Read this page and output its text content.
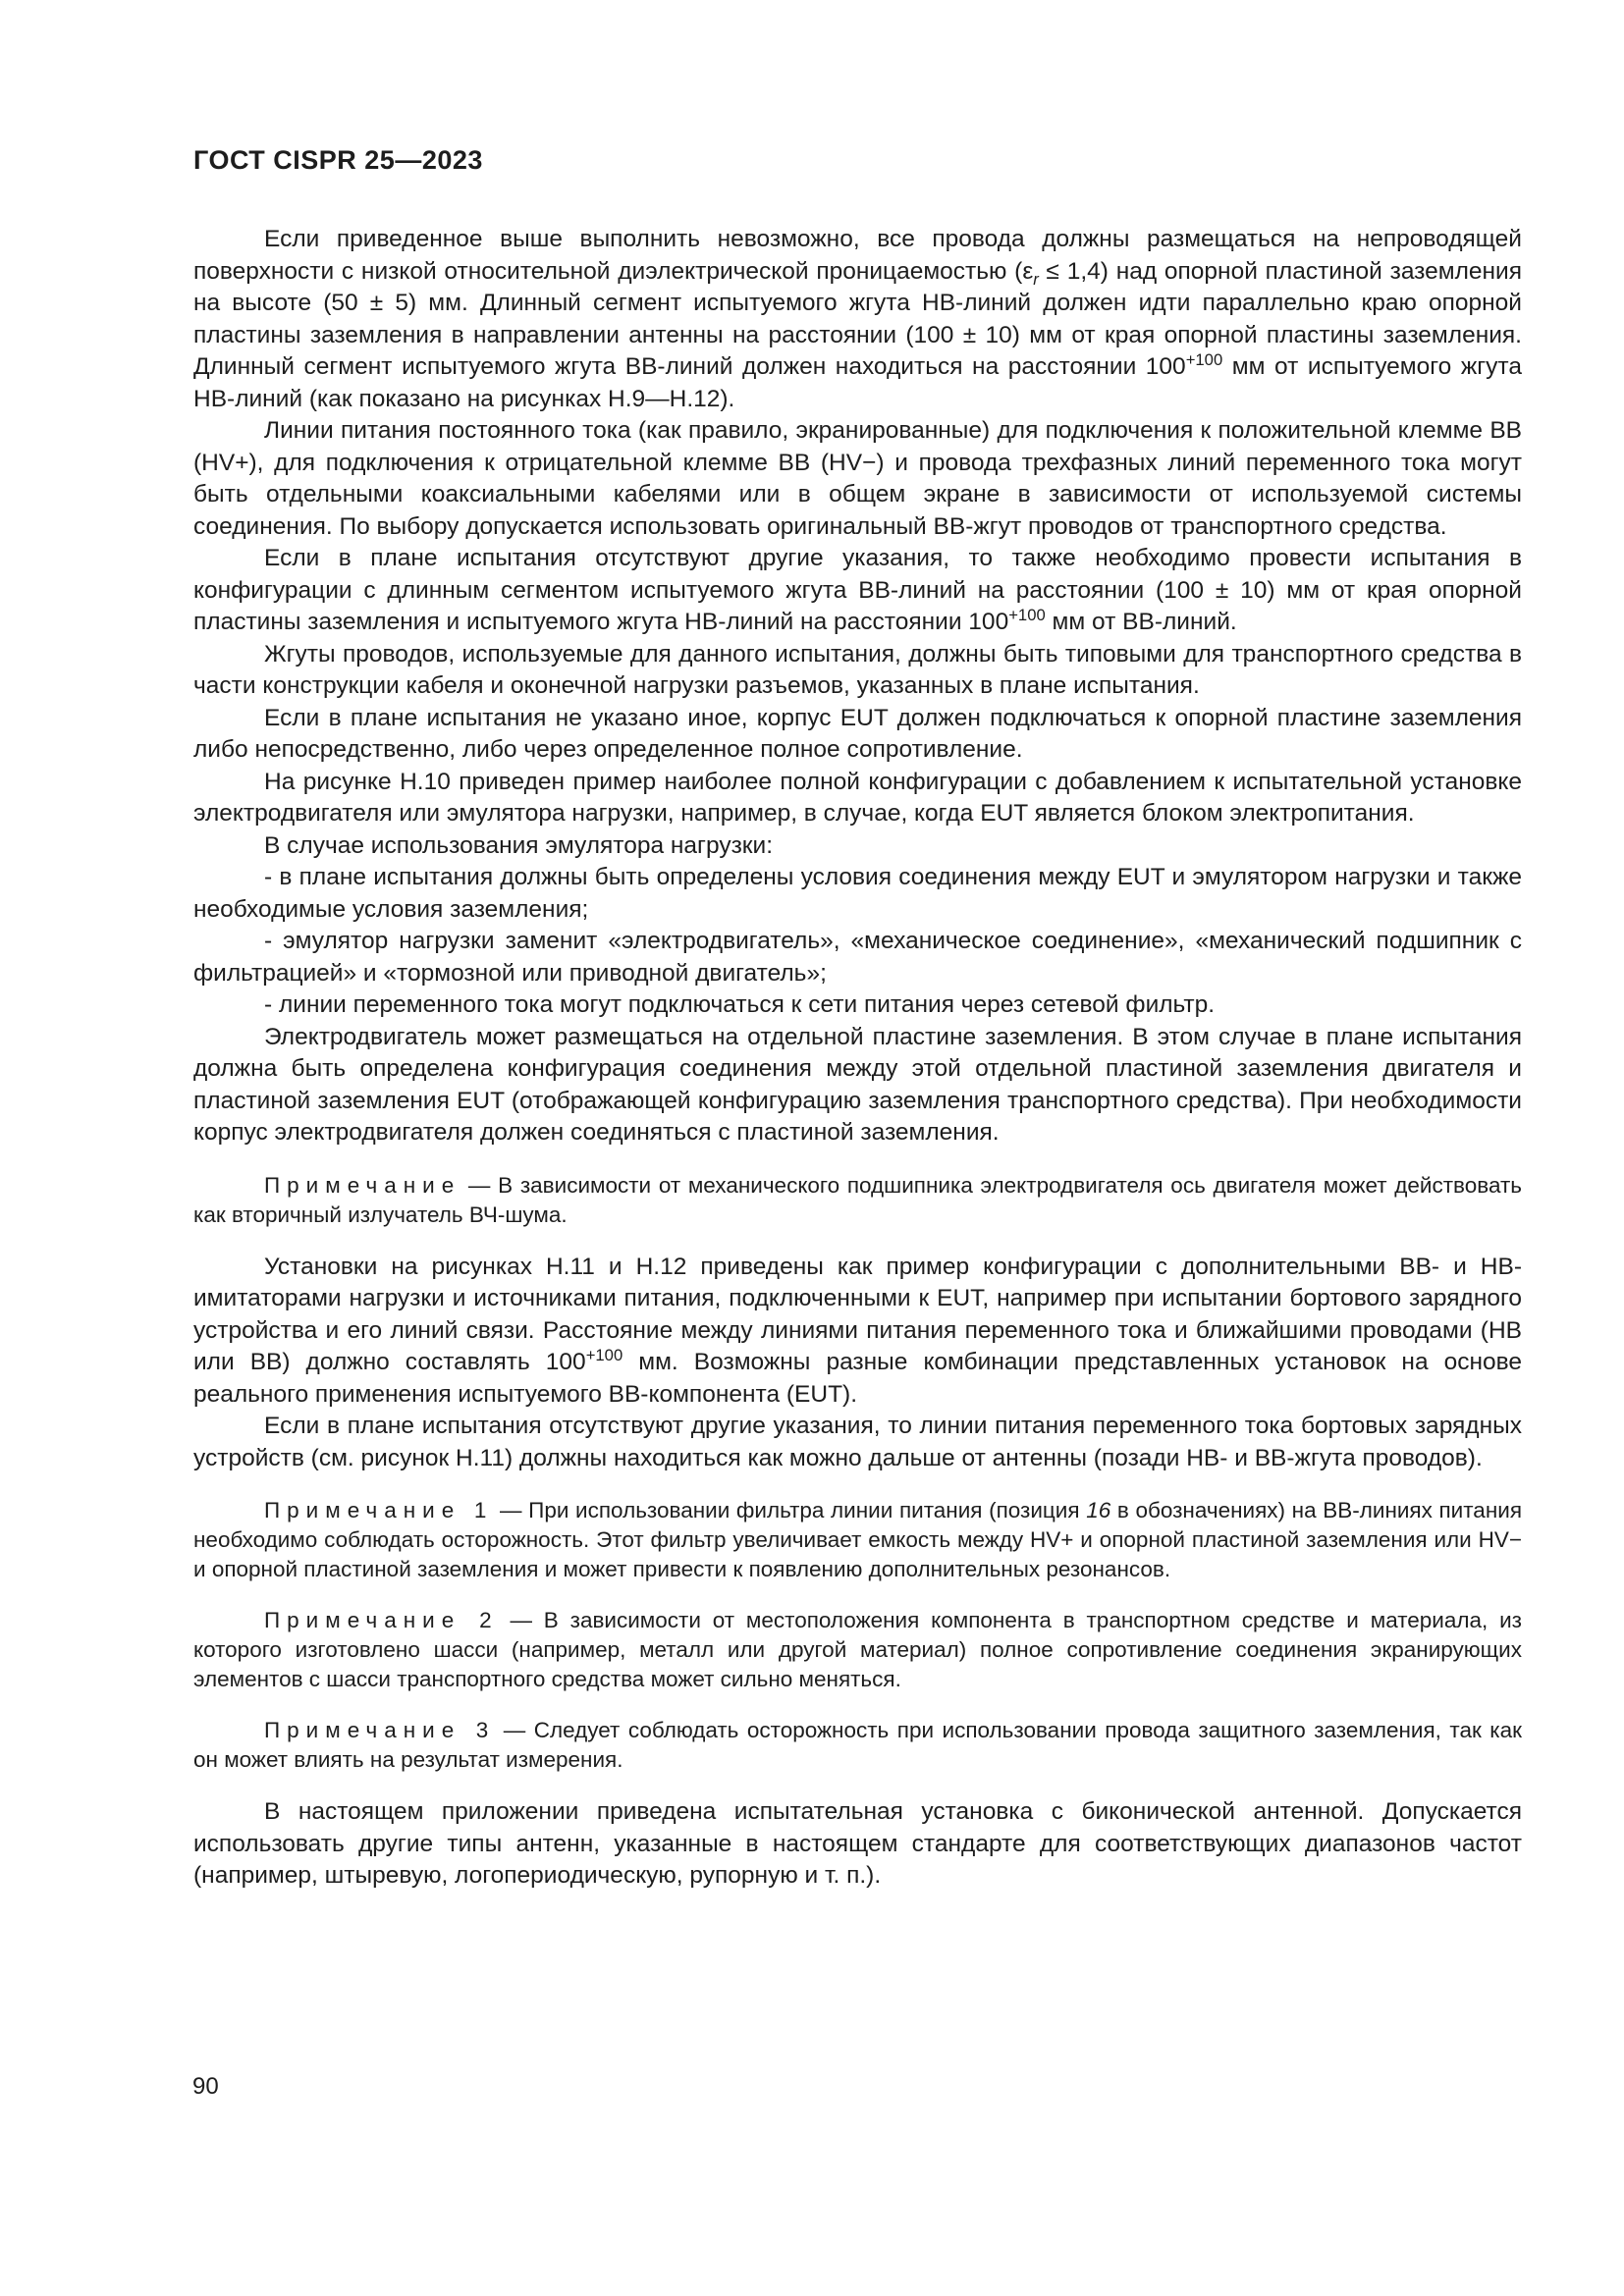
ГОСТ CISPR 25—2023

Если приведенное выше выполнить невозможно, все провода должны размещаться на непроводящей поверхности с низкой относительной диэлектрической проницаемостью $(\varepsilon_r \le 1,4)$ над опорной пластиной заземления на высоте (50 ± 5) мм. Длинный сегмент испытуемого жгута НВ-линий должен идти параллельно краю опорной пластины заземления в направлении антенны на расстоянии (100 ± 10) мм от края опорной пластины заземления. Длинный сегмент испытуемого жгута ВВ-линий должен находиться на расстоянии $100^{+100}$ мм от испытуемого жгута НВ-линий (как показано на рисунках Н.9—Н.12).

Линии питания постоянного тока (как правило, экранированные) для подключения к положительной клемме ВВ (HV+), для подключения к отрицательной клемме ВВ (HV−) и провода трехфазных линий переменного тока могут быть отдельными коаксиальными кабелями или в общем экране в зависимости от используемой системы соединения. По выбору допускается использовать оригинальный ВВ-жгут проводов от транспортного средства.

Если в плане испытания отсутствуют другие указания, то также необходимо провести испытания в конфигурации с длинным сегментом испытуемого жгута ВВ-линий на расстоянии (100 ± 10) мм от края опорной пластины заземления и испытуемого жгута НВ-линий на расстоянии $100^{+100}$ мм от ВВ-линий.

Жгуты проводов, используемые для данного испытания, должны быть типовыми для транспортного средства в части конструкции кабеля и оконечной нагрузки разъемов, указанных в плане испытания.

Если в плане испытания не указано иное, корпус EUT должен подключаться к опорной пластине заземления либо непосредственно, либо через определенное полное сопротивление.

На рисунке Н.10 приведен пример наиболее полной конфигурации с добавлением к испытательной установке электродвигателя или эмулятора нагрузки, например, в случае, когда EUT является блоком электропитания.

В случае использования эмулятора нагрузки:

- в плане испытания должны быть определены условия соединения между EUT и эмулятором нагрузки и также необходимые условия заземления;

- эмулятор нагрузки заменит «электродвигатель», «механическое соединение», «механический подшипник с фильтрацией» и «тормозной или приводной двигатель»;

- линии переменного тока могут подключаться к сети питания через сетевой фильтр.

Электродвигатель может размещаться на отдельной пластине заземления. В этом случае в плане испытания должна быть определена конфигурация соединения между этой отдельной пластиной заземления двигателя и пластиной заземления EUT (отображающей конфигурацию заземления транспортного средства). При необходимости корпус электродвигателя должен соединяться с пластиной заземления.

Примечание — В зависимости от механического подшипника электродвигателя ось двигателя может действовать как вторичный излучатель ВЧ-шума.

Установки на рисунках Н.11 и Н.12 приведены как пример конфигурации с дополнительными ВВ- и НВ-имитаторами нагрузки и источниками питания, подключенными к EUT, например при испытании бортового зарядного устройства и его линий связи. Расстояние между линиями питания переменного тока и ближайшими проводами (НВ или ВВ) должно составлять $100^{+100}$ мм. Возможны разные комбинации представленных установок на основе реального применения испытуемого ВВ-компонента (EUT).

Если в плане испытания отсутствуют другие указания, то линии питания переменного тока бортовых зарядных устройств (см. рисунок Н.11) должны находиться как можно дальше от антенны (позади НВ- и ВВ-жгута проводов).

Примечание 1 — При использовании фильтра линии питания (позиция 16 в обозначениях) на ВВ-линиях питания необходимо соблюдать осторожность. Этот фильтр увеличивает емкость между HV+ и опорной пластиной заземления или HV− и опорной пластиной заземления и может привести к появлению дополнительных резонансов.

Примечание 2 — В зависимости от местоположения компонента в транспортном средстве и материала, из которого изготовлено шасси (например, металл или другой материал) полное сопротивление соединения экранирующих элементов с шасси транспортного средства может сильно меняться.

Примечание 3 — Следует соблюдать осторожность при использовании провода защитного заземления, так как он может влиять на результат измерения.

В настоящем приложении приведена испытательная установка с биконической антенной. Допускается использовать другие типы антенн, указанные в настоящем стандарте для соответствующих диапазонов частот (например, штыревую, логопериодическую, рупорную и т. п.).

90
